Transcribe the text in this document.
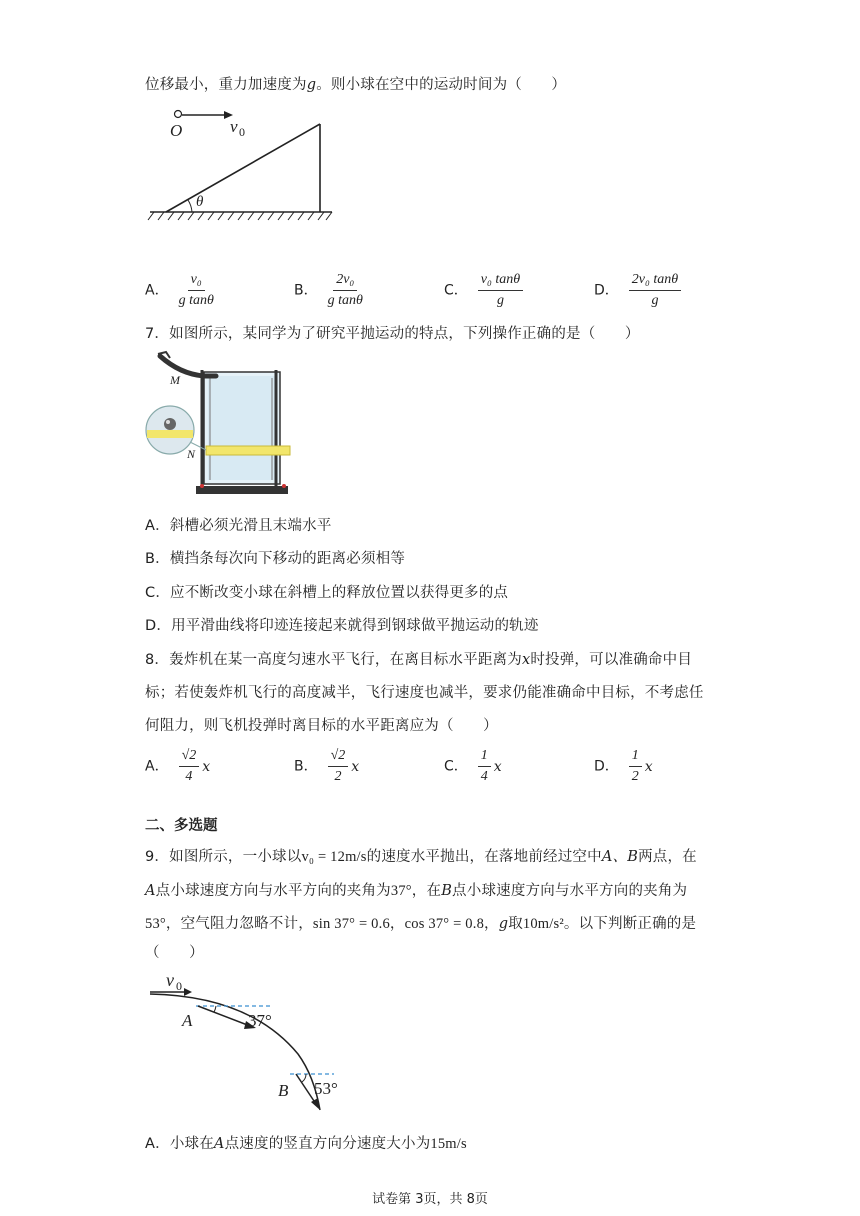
位移最小，重力加速度为g。则小球在空中的运动时间为（　　）
θ
O	v 0
A． $\frac{\text{v₀}}{\text{g tanθ}}$	B． $\frac{\text{2v₀}}{\text{g tanθ}}$	C． $\frac{\text{v₀ tanθ}}{g}$	D． $\frac{\text{2v₀ tanθ}}{g}$
7．如图所示，某同学为了研究平抛运动的特点，下列操作正确的是（　　）
M
N
A．斜槽必须光滑且末端水平
B．横挡条每次向下移动的距离必须相等
C．应不断改变小球在斜槽上的释放位置以获得更多的点
D．用平滑曲线将印迹连接起来就得到钢球做平抛运动的轨迹
8．轰炸机在某一高度匀速水平飞行，在离目标水平距离为x时投弹，可以准确命中目
标；若使轰炸机飞行的高度减半，飞行速度也减半，要求仍能准确命中目标，不考虑任
何阻力，则飞机投弹时离目标的水平距离应为（　　）
A． $\frac{√2}{4}$ x	B． $\frac{√2}{2}$ x	C． $\frac{1}{4}$ x	D． $\frac{1}{2}$ x
二、多选题
9．如图所示，一小球以v₀ = 12m/s的速度水平抛出，在落地前经过空中A、B两点，在
A点小球速度方向与水平方向的夹角为37°，在B点小球速度方向与水平方向的夹角为
53°，空气阻力忽略不计，sin 37° = 0.6，cos 37° = 0.8，g取10m/s²。以下判断正确的是
（　　）
v 0
A	37°
B 53°
A．小球在A点速度的竖直方向分速度大小为15m/s
试卷第 3页，共 8页
